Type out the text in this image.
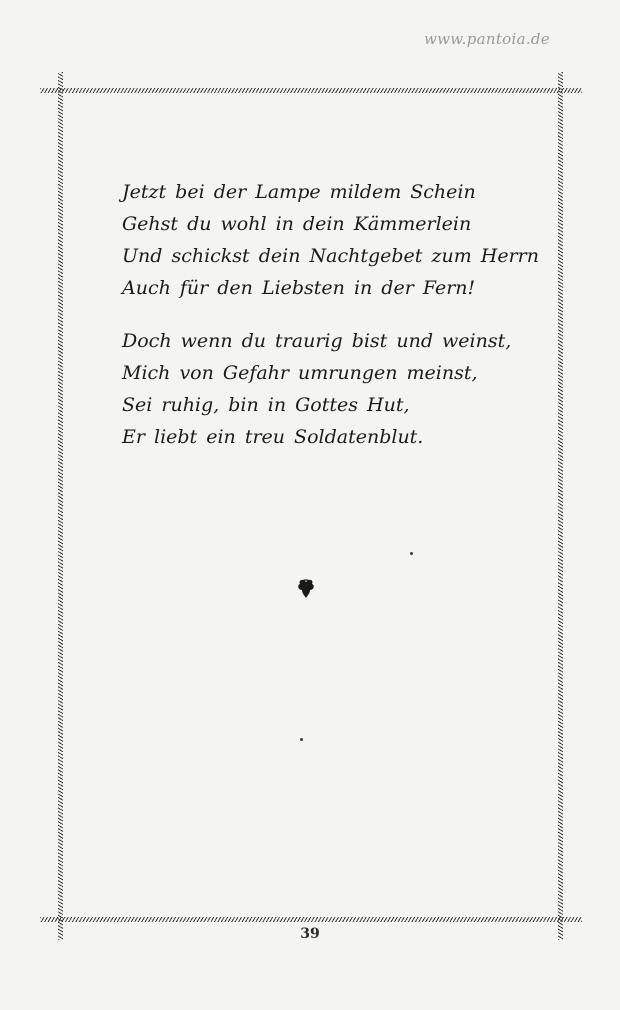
www.pantoia.de
Jetzt bei der Lampe mildem Schein
Gehst du wohl in dein Kämmerlein
Und schickst dein Nachtgebet zum Herrn
Auch für den Liebsten in der Fern!
Doch wenn du traurig bist und weinst,
Mich von Gefahr umrungen meinst,
Sei ruhig, bin in Gottes Hut,
Er liebt ein treu Soldatenblut.
39
